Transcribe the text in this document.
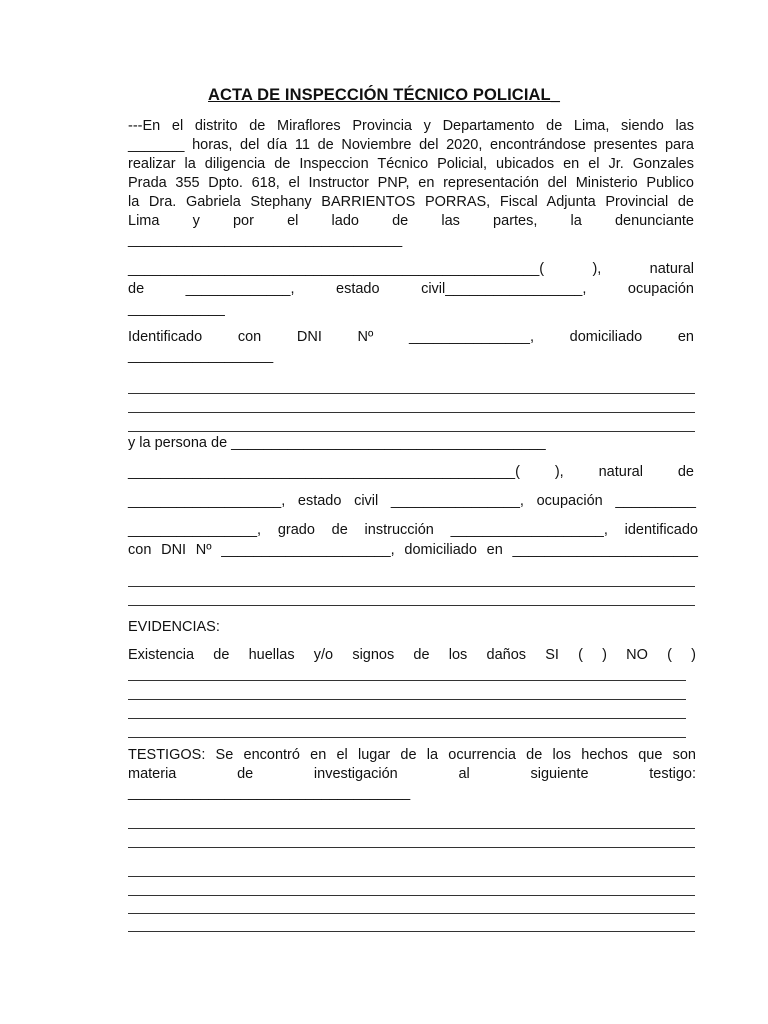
ACTA DE INSPECCIÓN TÉCNICO POLICIAL_
---En el distrito de Miraflores Provincia y Departamento de Lima, siendo las
_______ horas, del día 11 de Noviembre del 2020, encontrándose presentes para
realizar la diligencia de Inspeccion Técnico Policial, ubicados en el Jr. Gonzales
Prada 355 Dpto. 618, el Instructor PNP, en representación del Ministerio Publico
la Dra. Gabriela Stephany BARRIENTOS PORRAS, Fiscal Adjunta Provincial de
Lima y por el lado de las partes, la denunciante
__________________________________
___________________________________________________( ), natural
de _____________, estado civil_________________, ocupación
____________
Identificado con DNI Nº _______________, domiciliado en
__________________
y la persona de _______________________________________
________________________________________________( ), natural de
___________________, estado civil ________________, ocupación __________
________________, grado de instrucción ___________________, identificado
con DNI Nº _____________________, domiciliado en _______________________
EVIDENCIAS:
Existencia de huellas y/o signos de los daños SI ( ) NO ( )
TESTIGOS: Se encontró en el lugar de la ocurrencia de los hechos que son
materia de investigación al siguiente testigo:
___________________________________
